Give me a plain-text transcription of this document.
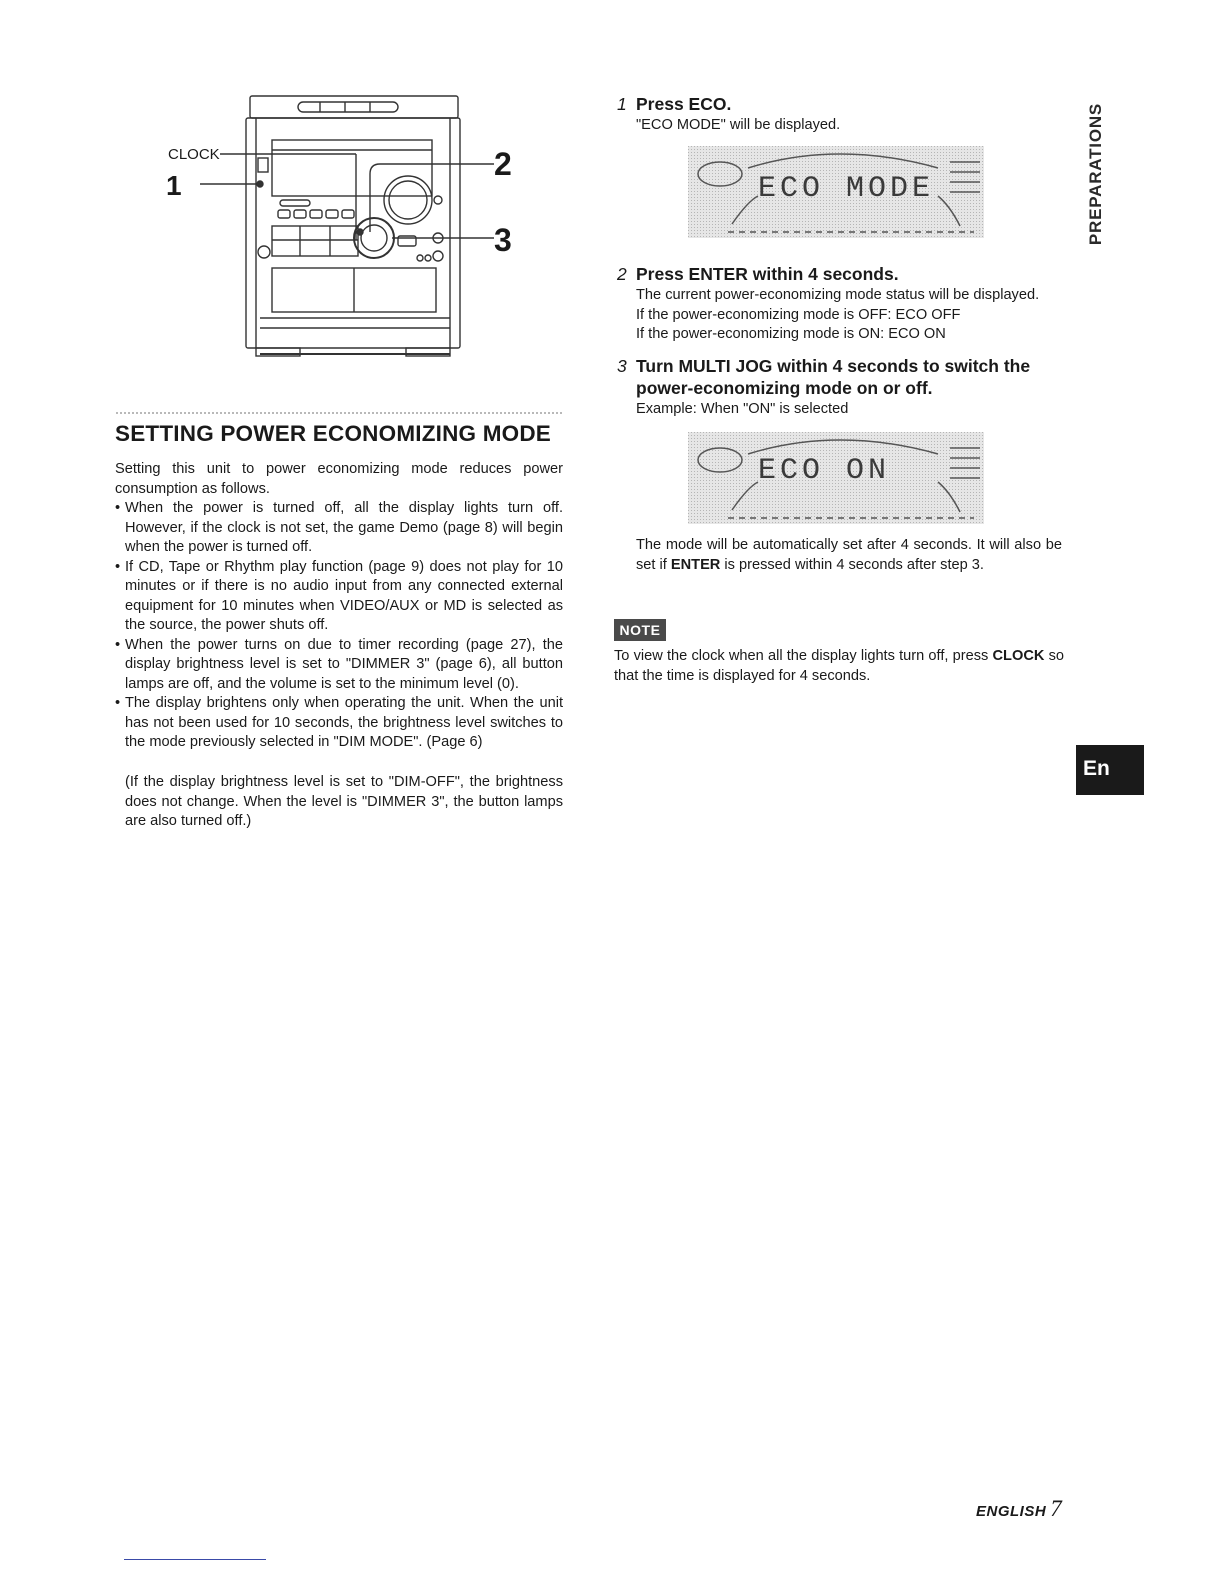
CLOCK
1
2
3
SETTING POWER ECONOMIZING MODE

Setting this unit to power economizing mode reduces power consumption as follows.

• When the power is turned off, all the display lights turn off. However, if the clock is not set, the game Demo (page 8) will begin when the power is turned off.
• If CD, Tape or Rhythm play function (page 9) does not play for 10 minutes or if there is no audio input from any connected external equipment for 10 minutes when VIDEO/AUX or MD is selected as the source, the power shuts off.
• When the power turns on due to timer recording (page 27), the display brightness level is set to "DIMMER 3" (page 6), all button lamps are off, and the volume is set to the minimum level (0).
• The display brightens only when operating the unit. When the unit has not been used for 10 seconds, the brightness level switches to the mode previously selected in "DIM MODE". (Page 6)

(If the display brightness level is set to "DIM-OFF", the brightness does not change. When the level is "DIMMER 3", the button lamps are also turned off.)

1 Press ECO.
"ECO MODE" will be displayed.
ECO MODE
2 Press ENTER within 4 seconds.
The current power-economizing mode status will be displayed.
If the power-economizing mode is OFF: ECO OFF
If the power-economizing mode is ON: ECO ON
3 Turn MULTI JOG within 4 seconds to switch the power-economizing mode on or off.
Example: When "ON" is selected
ECO ON

The mode will be automatically set after 4 seconds. It will also be set if ENTER is pressed within 4 seconds after step 3.

NOTE

To view the clock when all the display lights turn off, press CLOCK so that the time is displayed for 4 seconds.

PREPARATIONS
En
ENGLISH 7
